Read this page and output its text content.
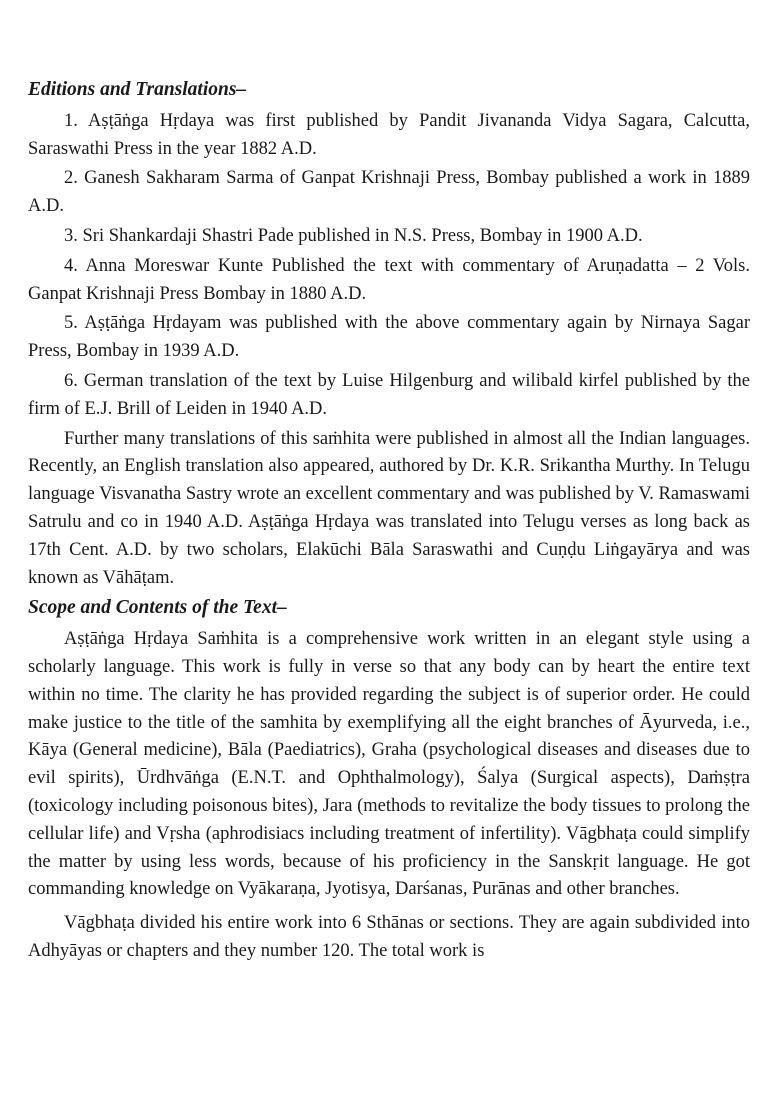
Editions and Translations–

1. Aṣṭāṅga Hṛdaya was first published by Pandit Jivananda Vidya Sagara, Calcutta, Saraswathi Press in the year 1882 A.D.

2. Ganesh Sakharam Sarma of Ganpat Krishnaji Press, Bombay published a work in 1889 A.D.

3. Sri Shankardaji Shastri Pade published in N.S. Press, Bombay in 1900 A.D.

4. Anna Moreswar Kunte Published the text with commentary of Aruṇadatta – 2 Vols. Ganpat Krishnaji Press Bombay in 1880 A.D.

5. Aṣṭāṅga Hṛdayam was published with the above commentary again by Nirnaya Sagar Press, Bombay in 1939 A.D.

6. German translation of the text by Luise Hilgenburg and wilibald kirfel published by the firm of E.J. Brill of Leiden in 1940 A.D.

Further many translations of this saṁhita were published in almost all the Indian languages. Recently, an English translation also appeared, authored by Dr. K.R. Srikantha Murthy. In Telugu language Visvanatha Sastry wrote an excellent commentary and was published by V. Ramaswami Satrulu and co in 1940 A.D. Aṣṭāṅga Hṛdaya was translated into Telugu verses as long back as 17th Cent. A.D. by two scholars, Elakūchi Bāla Saraswathi and Cuṇḍu Liṅgayārya and was known as Vāhāṭam.

Scope and Contents of the Text–

Aṣṭāṅga Hṛdaya Saṁhita is a comprehensive work written in an elegant style using a scholarly language. This work is fully in verse so that any body can by heart the entire text within no time. The clarity he has provided regarding the subject is of superior order. He could make justice to the title of the samhita by exemplifying all the eight branches of Āyurveda, i.e., Kāya (General medicine), Bāla (Paediatrics), Graha (psychological diseases and diseases due to evil spirits), Ūrdhvāṅga (E.N.T. and Ophthalmology), Śalya (Surgical aspects), Daṁṣṭra (toxicology including poisonous bites), Jara (methods to revitalize the body tissues to prolong the cellular life) and Vṛsha (aphrodisiacs including treatment of infertility). Vāgbhaṭa could simplify the matter by using less words, because of his proficiency in the Sanskṛit language. He got commanding knowledge on Vyākaraṇa, Jyotisya, Darśanas, Purānas and other branches.

Vāgbhaṭa divided his entire work into 6 Sthānas or sections. They are again subdivided into Adhyāyas or chapters and they number 120. The total work is
